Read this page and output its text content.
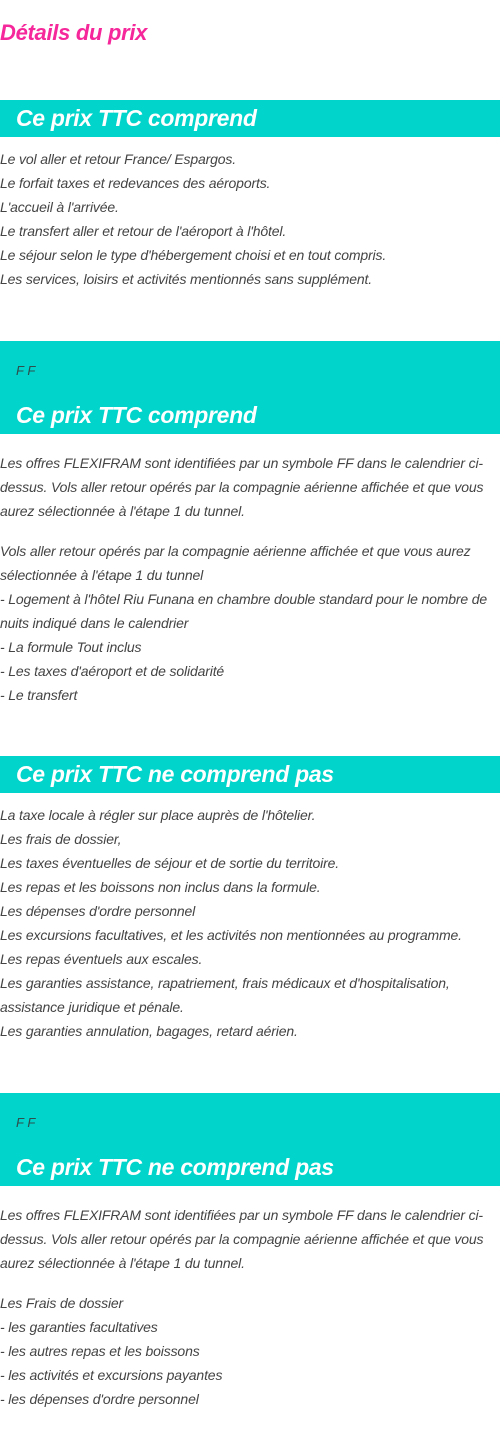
Détails du prix
Ce prix TTC comprend
Le vol aller et retour France/ Espargos.
Le forfait taxes et redevances des aéroports.
L'accueil à l'arrivée.
Le transfert aller et retour de l'aéroport à l'hôtel.
Le séjour selon le type d'hébergement choisi et en tout compris.
Les services, loisirs et activités mentionnés sans supplément.
F F
Ce prix TTC comprend

Les offres FLEXIFRAM sont identifiées par un symbole FF dans le calendrier ci-dessus. Vols aller retour opérés par la compagnie aérienne affichée et que vous aurez sélectionnée à l'étape 1 du tunnel.

Vols aller retour opérés par la compagnie aérienne affichée et que vous aurez sélectionnée à l'étape 1 du tunnel

- Logement à l'hôtel Riu Funana en chambre double standard pour le nombre de nuits indiqué dans le calendrier
- La formule Tout inclus
- Les taxes d'aéroport et de solidarité
- Le transfert
Ce prix TTC ne comprend pas
La taxe locale à régler sur place auprès de l'hôtelier.
Les frais de dossier,
Les taxes éventuelles de séjour et de sortie du territoire.
Les repas et les boissons non inclus dans la formule.
Les dépenses d'ordre personnel
Les excursions facultatives, et les activités non mentionnées au programme.
Les repas éventuels aux escales.
Les garanties assistance, rapatriement, frais médicaux et d'hospitalisation, assistance juridique et pénale.
Les garanties annulation, bagages, retard aérien.
F F
Ce prix TTC ne comprend pas

Les offres FLEXIFRAM sont identifiées par un symbole FF dans le calendrier ci-dessus. Vols aller retour opérés par la compagnie aérienne affichée et que vous aurez sélectionnée à l'étape 1 du tunnel.

Les Frais de dossier
- les garanties facultatives
- les autres repas et les boissons
- les activités et excursions payantes
- les dépenses d'ordre personnel
